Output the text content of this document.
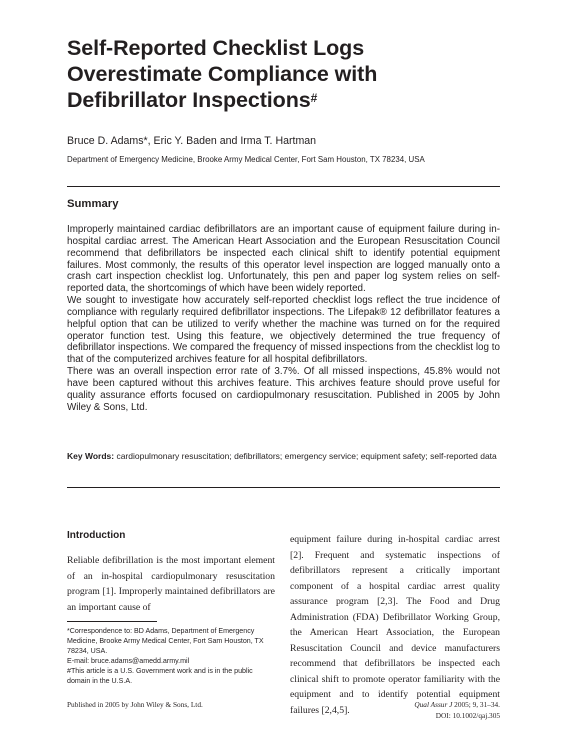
Self-Reported Checklist Logs Overestimate Compliance with Defibrillator Inspections#

Bruce D. Adams*, Eric Y. Baden and Irma T. Hartman

Department of Emergency Medicine, Brooke Army Medical Center, Fort Sam Houston, TX 78234, USA

Summary

Improperly maintained cardiac defibrillators are an important cause of equipment failure during in-hospital cardiac arrest. The American Heart Association and the European Resuscitation Council recommend that defibrillators be inspected each clinical shift to identify potential equipment failures. Most commonly, the results of this operator level inspection are logged manually onto a crash cart inspection checklist log. Unfortunately, this pen and paper log system relies on self-reported data, the shortcomings of which have been widely reported.

We sought to investigate how accurately self-reported checklist logs reflect the true incidence of compliance with regularly required defibrillator inspections. The Lifepak® 12 defibrillator features a helpful option that can be utilized to verify whether the machine was turned on for the required operator function test. Using this feature, we objectively determined the true frequency of defibrillator inspections. We compared the frequency of missed inspections from the checklist log to that of the computerized archives feature for all hospital defibrillators.

There was an overall inspection error rate of 3.7%. Of all missed inspections, 45.8% would not have been captured without this archives feature. This archives feature should prove useful for quality assurance efforts focused on cardiopulmonary resuscitation. Published in 2005 by John Wiley & Sons, Ltd.

Key Words: cardiopulmonary resuscitation; defibrillators; emergency service; equipment safety; self-reported data

Introduction

Reliable defibrillation is the most important element of an in-hospital cardiopulmonary resuscitation program [1]. Improperly maintained defibrillators are an important cause of

equipment failure during in-hospital cardiac arrest [2]. Frequent and systematic inspections of defibrillators represent a critically important component of a hospital cardiac arrest quality assurance program [2,3]. The Food and Drug Administration (FDA) Defibrillator Working Group, the American Heart Association, the European Resuscitation Council and device manufacturers recommend that defibrillators be inspected each clinical shift to promote operator familiarity with the equipment and to identify potential equipment failures [2,4,5].

*Correspondence to: BD Adams, Department of Emergency Medicine, Brooke Army Medical Center, Fort Sam Houston, TX 78234, USA.

E-mail: bruce.adams@amedd.army.mil

#This article is a U.S. Government work and is in the public domain in the U.S.A.

Published in 2005 by John Wiley & Sons, Ltd.	Qual Assur J 2005; 9, 31–34.
DOI: 10.1002/qaj.305
